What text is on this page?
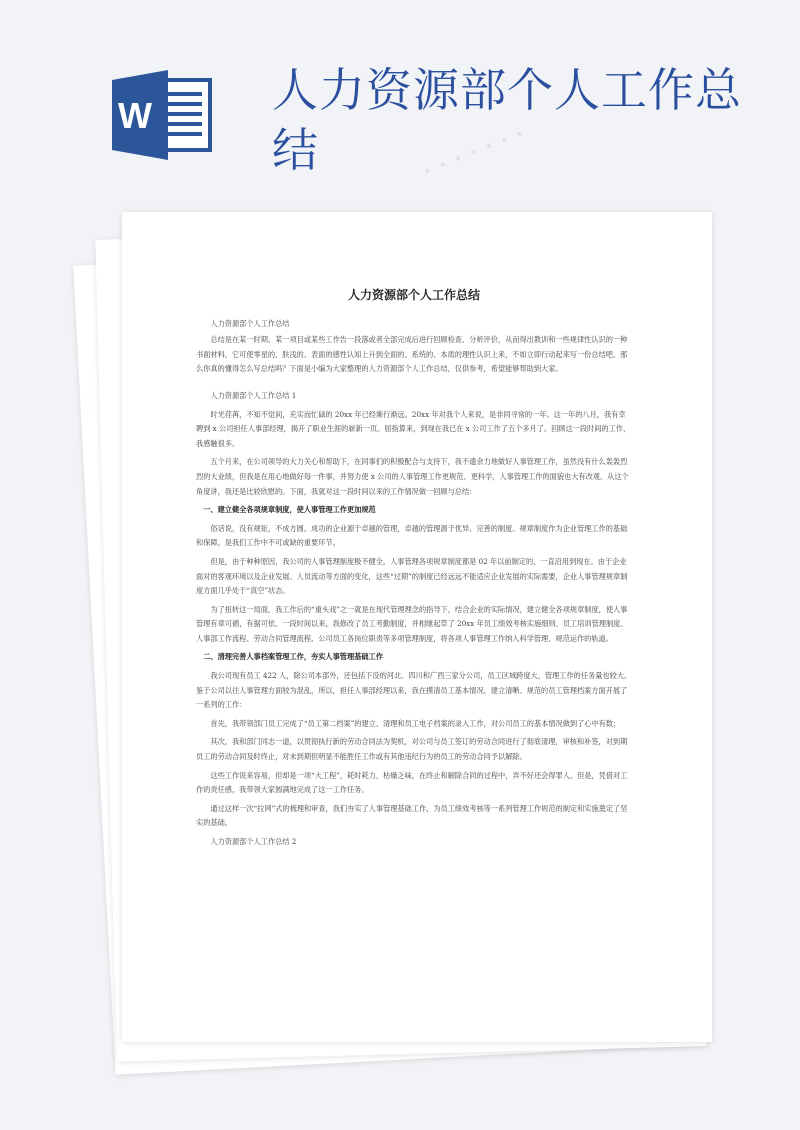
W	人力资源部个人工作总结
人力资源部个人工作总结

人力资源部个人工作总结

总结是在某一时期、某一项目或某些工作告一段落或者全部完成后进行回顾检查、分析评价，从而得出教训和一些规律性认识的一种书面材料，它可使零星的、肤浅的、表面的感性认知上升到全面的、系统的、本质的理性认识上来，不如立即行动起来写一份总结吧。那么你真的懂得怎么写总结吗？下面是小编为大家整理的人力资源部个人工作总结，仅供参考，希望能够帮助到大家。

人力资源部个人工作总结 1

时光荏苒，不知不觉间，充实而忙碌的 20xx 年已经渐行渐远。20xx 年对我个人来说，是非同寻常的一年。这一年的八月，我有幸聘到 x 公司担任人事部经理，揭开了职业生涯的崭新一页。屈指算来，到现在我已在 x 公司工作了五个多月了。回顾这一段时间的工作，我感触很多。

五个月来，在公司领导的大力关心和帮助下，在同事们的积极配合与支持下，我不遗余力地做好人事管理工作，虽然没有什么轰轰烈烈的大业绩，但我是在用心地做好每一件事，并努力使 x 公司的人事管理工作更规范、更科学，人事管理工作的面貌也大有改观。从这个角度讲，我还是比较欣慰的。下面，我就对这一段时间以来的工作情况做一回顾与总结：

一、建立健全各项规章制度，使人事管理工作更加规范

俗话说，没有规矩，不成方圆。成功的企业源于卓越的管理，卓越的管理源于优异、完善的制度。规章制度作为企业管理工作的基础和保障，是我们工作中不可或缺的重要环节。

但是，由于种种原因，我公司的人事管理制度极不健全，人事管理各项规章制度都是 02 年以前制定的，一直沿用到现在。由于企业面对的客观环境以及企业发展、人员流动等方面的变化，这些“过期”的制度已经远远不能适应企业发展的实际需要，企业人事管理规章制度方面几乎处于“真空”状态。

为了扭转这一局面，我工作后的“重头戏”之一就是在现代管理理念的指导下，结合企业的实际情况，建立健全各项规章制度，使人事管理有章可循，有据可依。一段时间以来，我修改了员工考勤制度，并相继起草了 20xx 年员工绩效考核实施细则、员工培训管理制度、人事部工作流程、劳动合同管理流程、公司员工各岗位职责等多项管理制度，将各项人事管理工作纳入科学管理、规范运作的轨道。

二、清理完善人事档案管理工作，夯实人事管理基础工作

我公司现有员工 422 人，除公司本部外，还包括下设的河北、四川和广西三家分公司，员工区域跨度大，管理工作的任务量也较大。鉴于公司以往人事管理方面较为混乱，所以，担任人事部经理以来，我在摸清员工基本情况、建立清晰、规范的员工管理档案方面开展了一系列的工作：

首先，我带领部门员工完成了“员工第二档案”的建立、清理和员工电子档案的录入工作，对公司员工的基本情况做到了心中有数；

其次，我和部门同志一道，以贯彻执行新的劳动合同法为契机，对公司与员工签订的劳动合同进行了彻底清理，审核和补签，对到期员工的劳动合同及时终止，对未到期但明显不能胜任工作或有其他违纪行为的员工的劳动合同予以解除。

这些工作说来容易，但却是一项“大工程”，耗时耗力，枯燥乏味，在终止和解除合同的过程中，弄不好还会得罪人。但是，凭借对工作的责任感，我带领大家圆满地完成了这一工作任务。

通过这样一次“拉网”式的梳理和审查，我们夯实了人事管理基础工作，为员工绩效考核等一系列管理工作规范的制定和实施奠定了坚实的基础。

人力资源部个人工作总结 2

· · · · · · ·
